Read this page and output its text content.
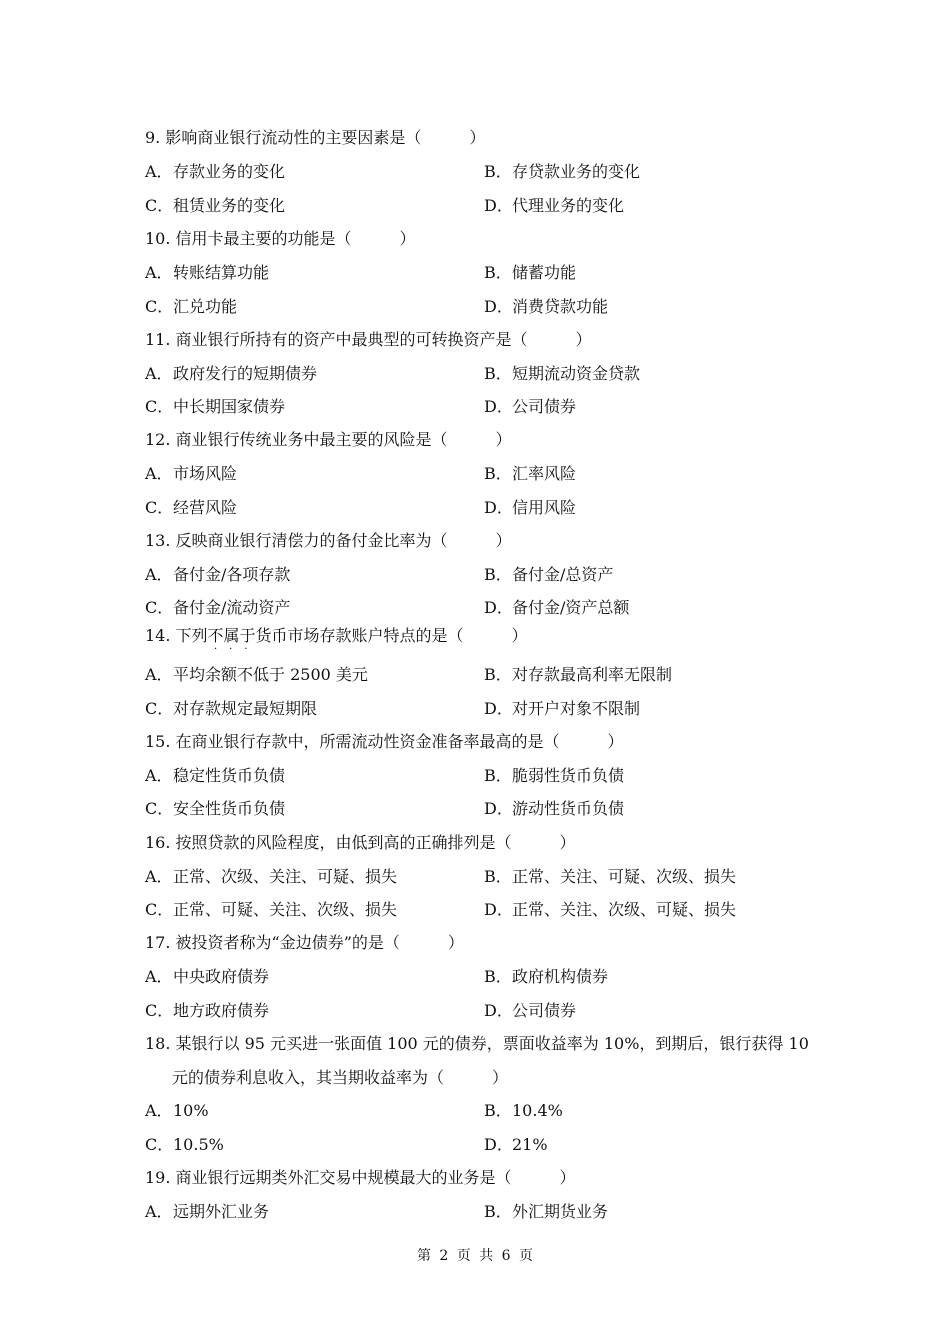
9. 影响商业银行流动性的主要因素是（　　　）
A．存款业务的变化	B．存贷款业务的变化
C．租赁业务的变化	D．代理业务的变化
10. 信用卡最主要的功能是（　　　）
A．转账结算功能	B．储蓄功能
C．汇兑功能	D．消费贷款功能
11. 商业银行所持有的资产中最典型的可转换资产是（　　　）
A．政府发行的短期债券	B．短期流动资金贷款
C．中长期国家债券	D．公司债券
12. 商业银行传统业务中最主要的风险是（　　　）
A．市场风险	B．汇率风险
C．经营风险	D．信用风险
13. 反映商业银行清偿力的备付金比率为（　　　）
A．备付金/各项存款	B．备付金/总资产
C．备付金/流动资产	D．备付金/资产总额
14. 下列不属于货币市场存款账户特点的是（　　　）
···
A．平均余额不低于 2500 美元	B．对存款最高利率无限制
C．对存款规定最短期限	D．对开户对象不限制
15. 在商业银行存款中，所需流动性资金准备率最高的是（　　　）
A．稳定性货币负债	B．脆弱性货币负债
C．安全性货币负债	D．游动性货币负债
16. 按照贷款的风险程度，由低到高的正确排列是（　　　）
A．正常、次级、关注、可疑、损失	B．正常、关注、可疑、次级、损失
C．正常、可疑、关注、次级、损失	D．正常、关注、次级、可疑、损失
17. 被投资者称为“金边债券”的是（　　　）
A．中央政府债券	B．政府机构债券
C．地方政府债券	D．公司债券
18. 某银行以 95 元买进一张面值 100 元的债券，票面收益率为 10%，到期后，银行获得 10
元的债券利息收入，其当期收益率为（　　　）
A．10%	B．10.4%
C．10.5%	D．21%
19. 商业银行远期类外汇交易中规模最大的业务是（　　　）
A．远期外汇业务	B．外汇期货业务
第 2 页 共 6 页
